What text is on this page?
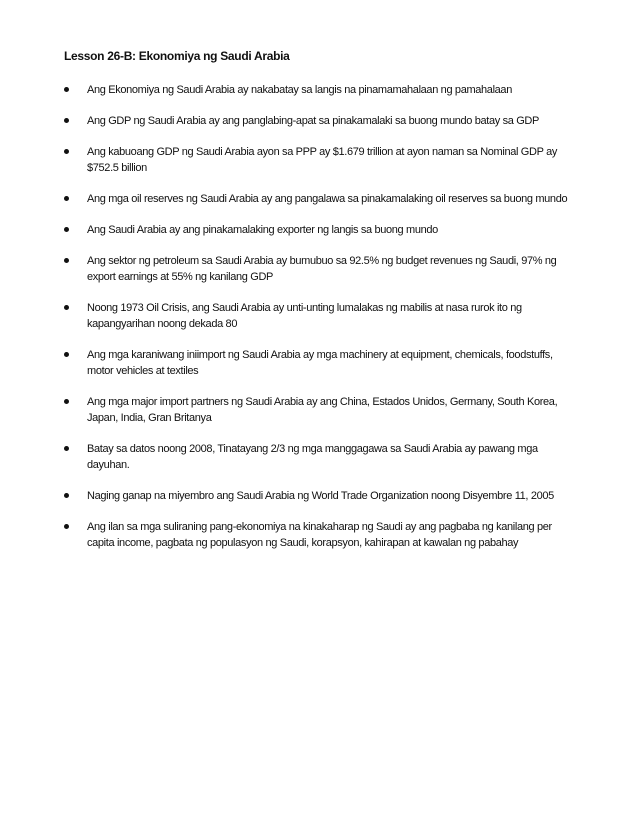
Lesson 26-B: Ekonomiya ng Saudi Arabia
Ang Ekonomiya ng Saudi Arabia ay nakabatay sa langis na pinamamahalaan ng pamahalaan
Ang GDP ng Saudi Arabia ay ang panglabing-apat sa pinakamalaki sa buong mundo batay sa GDP
Ang kabuoang GDP ng Saudi Arabia ayon sa PPP ay $1.679 trillion at ayon naman sa Nominal GDP ay $752.5 billion
Ang mga oil reserves ng Saudi Arabia ay ang pangalawa sa pinakamalaking oil reserves sa buong mundo
Ang Saudi Arabia ay ang pinakamalaking exporter ng langis sa buong mundo
Ang sektor ng petroleum sa Saudi Arabia ay bumubuo sa 92.5% ng budget revenues ng Saudi, 97% ng export earnings at 55% ng kanilang GDP
Noong 1973 Oil Crisis, ang Saudi Arabia ay unti-unting lumalakas ng mabilis at nasa rurok ito ng kapangyarihan noong dekada 80
Ang mga karaniwang iniimport ng Saudi Arabia ay mga machinery at equipment, chemicals, foodstuffs, motor vehicles at textiles
Ang mga major import partners ng Saudi Arabia ay ang China, Estados Unidos, Germany, South Korea, Japan, India, Gran Britanya
Batay sa datos noong 2008, Tinatayang 2/3 ng mga manggagawa sa Saudi Arabia ay pawang mga dayuhan.
Naging ganap na miyembro ang Saudi Arabia ng World Trade Organization noong Disyembre 11, 2005
Ang ilan sa mga suliraning pang-ekonomiya na kinakaharap ng Saudi ay ang pagbaba ng kanilang per capita income, pagbata ng populasyon ng Saudi, korapsyon, kahirapan at kawalan ng pabahay
